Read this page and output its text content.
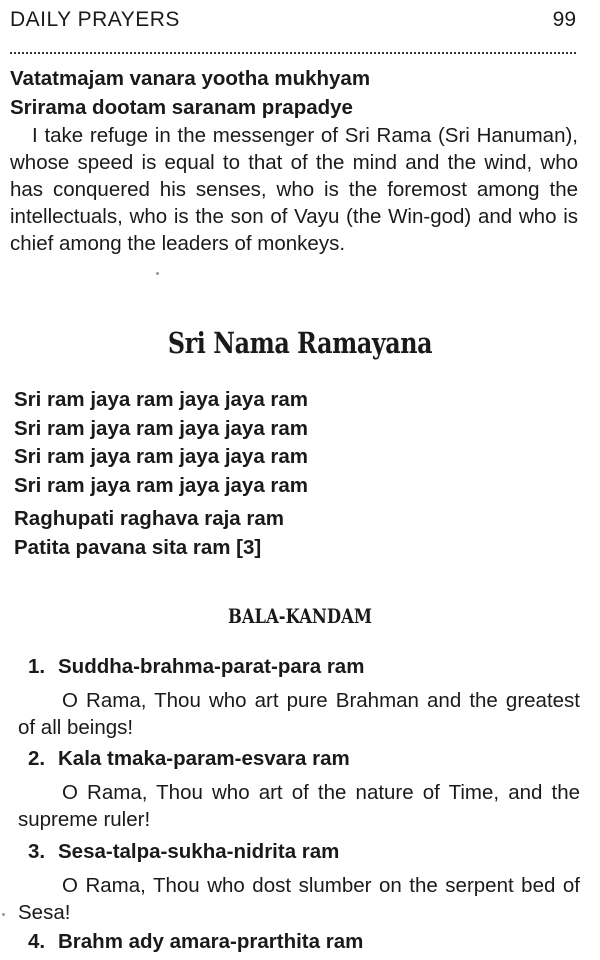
DAILY PRAYERS	99
Vatatmajam vanara yootha mukhyam
Srirama dootam saranam prapadye
I take refuge in the messenger of Sri Rama (Sri Hanuman), whose speed is equal to that of the mind and the wind, who has conquered his senses, who is the foremost among the intellectuals, who is the son of Vayu (the Win-god) and who is chief among the leaders of monkeys.
Sri Nama Ramayana
Sri ram jaya ram jaya jaya ram
Sri ram jaya ram jaya jaya ram
Sri ram jaya ram jaya jaya ram
Sri ram jaya ram jaya jaya ram
Raghupati raghava raja ram
Patita pavana sita ram [3]
BALA-KANDAM
1. Suddha-brahma-parat-para ram
O Rama, Thou who art pure Brahman and the greatest of all beings!
2. Kala tmaka-param-esvara ram
O Rama, Thou who art of the nature of Time, and the supreme ruler!
3. Sesa-talpa-sukha-nidrita ram
O Rama, Thou who dost slumber on the serpent bed of Sesa!
4. Brahm ady amara-prarthita ram
